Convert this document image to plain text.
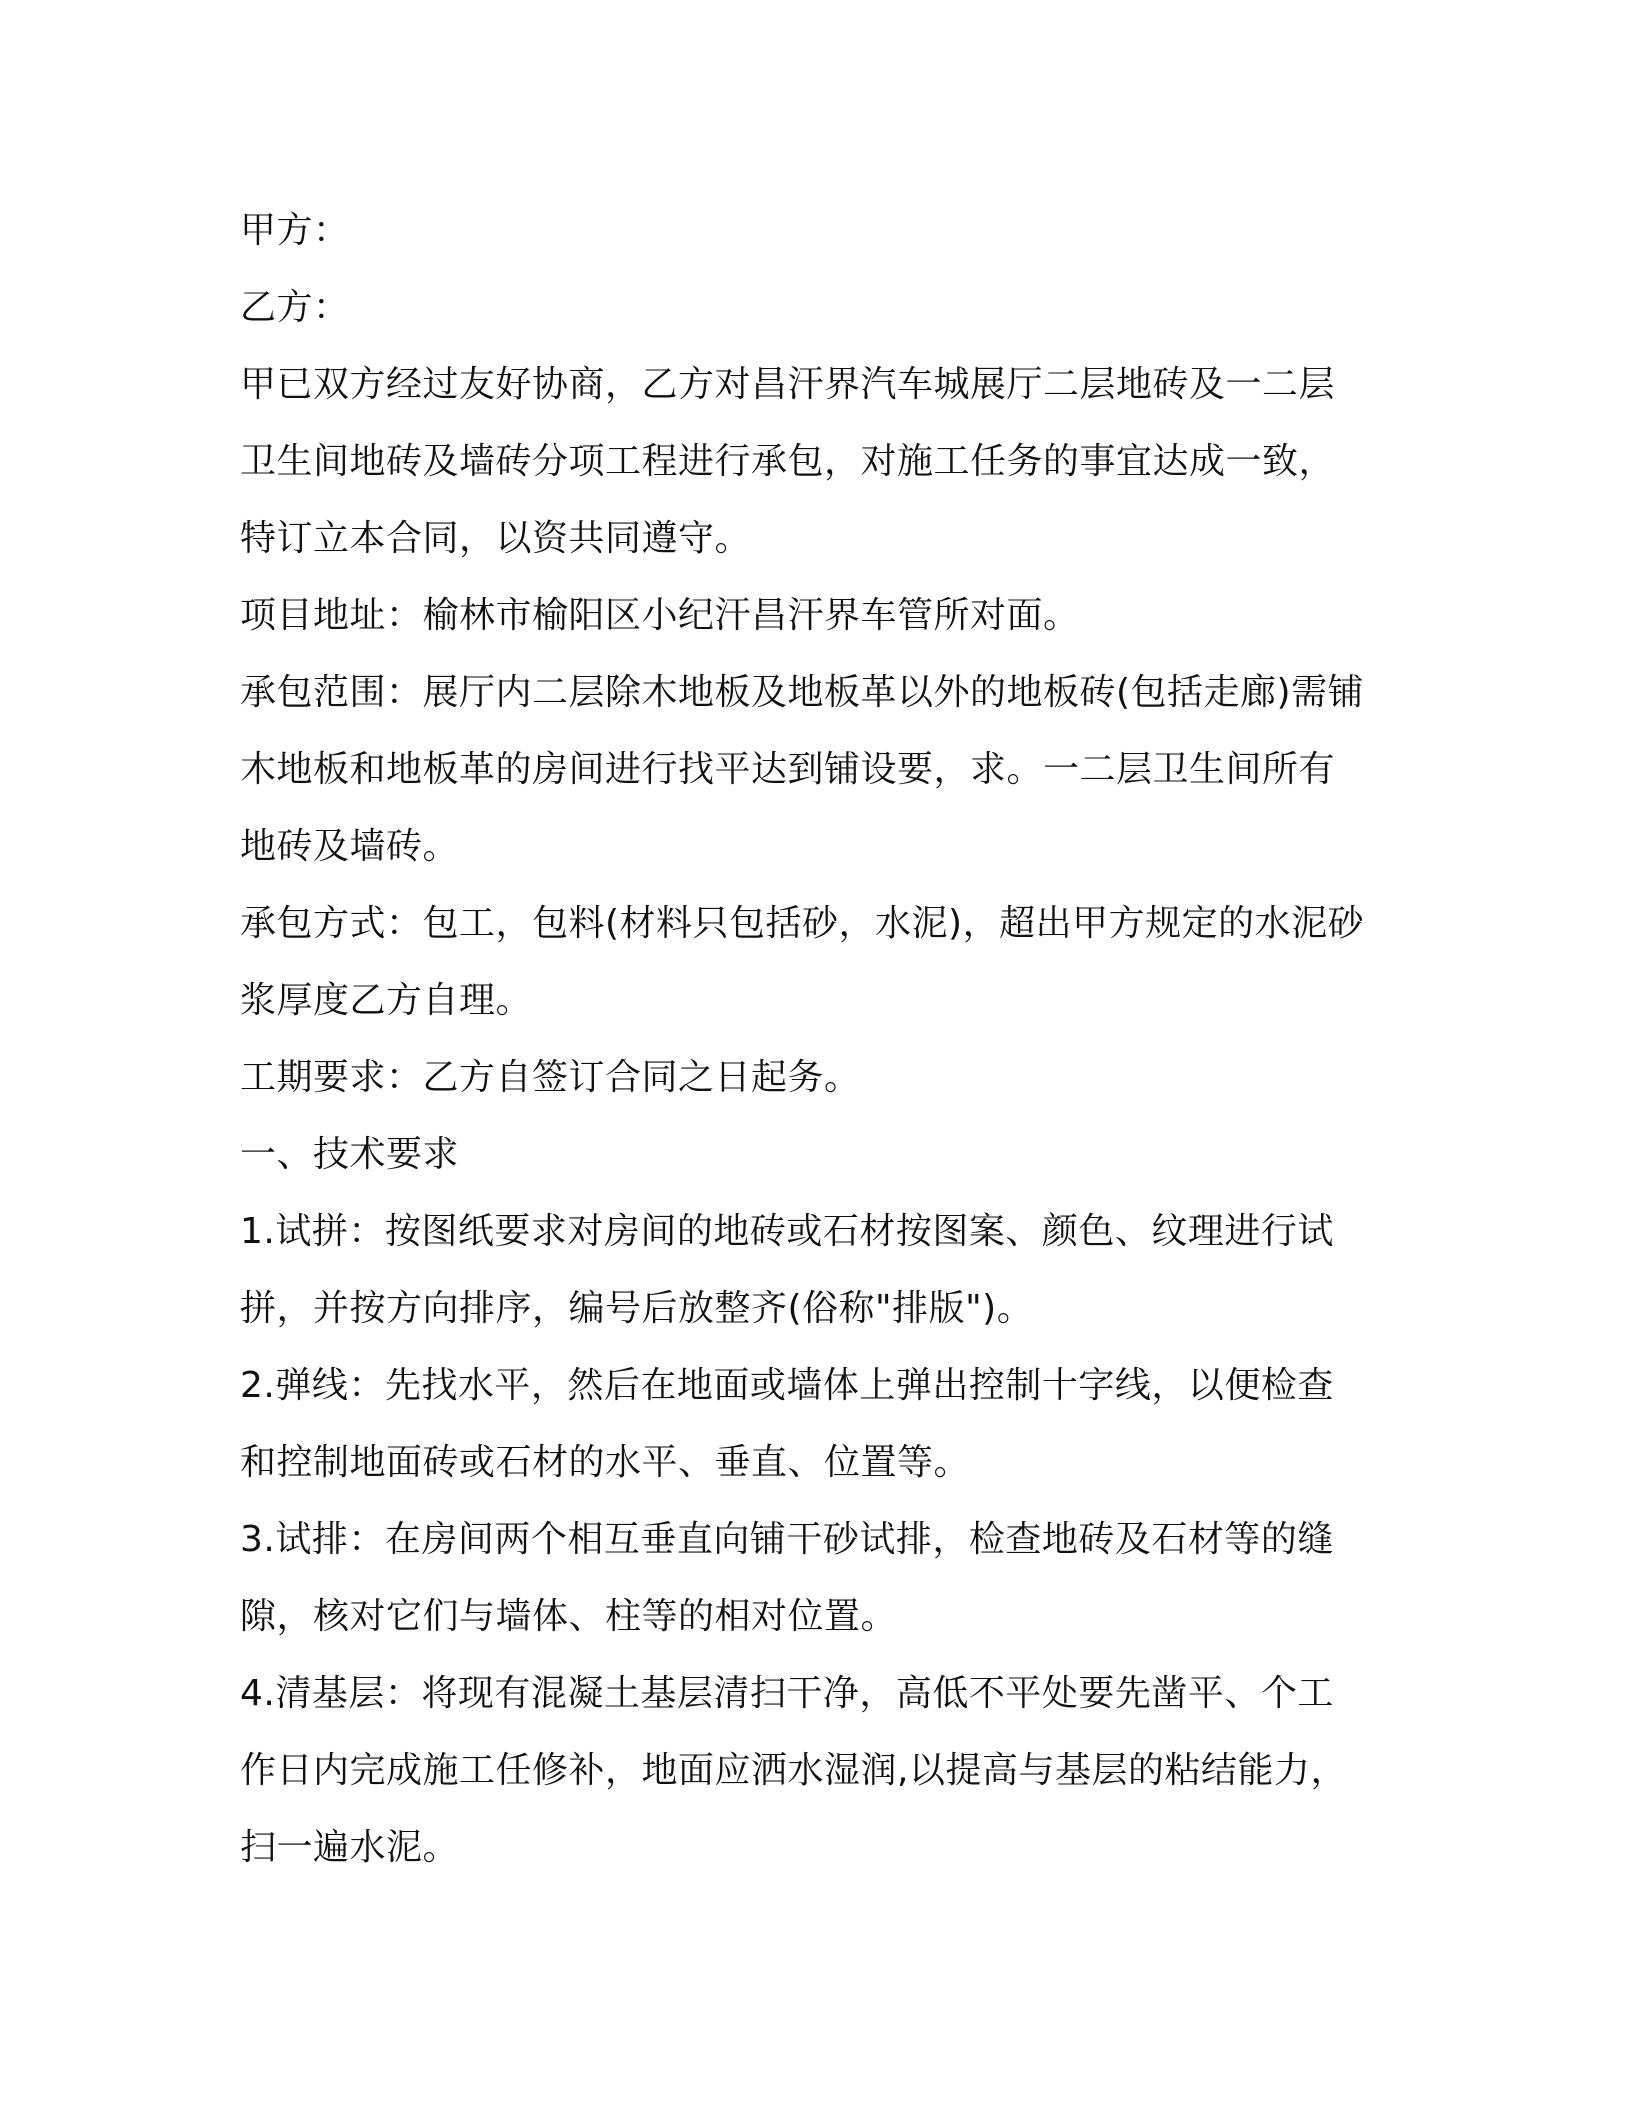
甲方：
乙方：
甲已双方经过友好协商，乙方对昌汗界汽车城展厅二层地砖及一二层
卫生间地砖及墙砖分项工程进行承包，对施工任务的事宜达成一致，
特订立本合同，以资共同遵守。
项目地址：榆林市榆阳区小纪汗昌汗界车管所对面。
承包范围：展厅内二层除木地板及地板革以外的地板砖(包括走廊)需铺
木地板和地板革的房间进行找平达到铺设要，求。一二层卫生间所有
地砖及墙砖。
承包方式：包工，包料(材料只包括砂，水泥)，超出甲方规定的水泥砂
浆厚度乙方自理。
工期要求：乙方自签订合同之日起务。
一、技术要求
1.试拼：按图纸要求对房间的地砖或石材按图案、颜色、纹理进行试
拼，并按方向排序，编号后放整齐(俗称"排版")。
2.弹线：先找水平，然后在地面或墙体上弹出控制十字线，以便检查
和控制地面砖或石材的水平、垂直、位置等。
3.试排：在房间两个相互垂直向铺干砂试排，检查地砖及石材等的缝
隙，核对它们与墙体、柱等的相对位置。
4.清基层：将现有混凝土基层清扫干净，高低不平处要先凿平、个工
作日内完成施工任修补，地面应洒水湿润,以提高与基层的粘结能力，
扫一遍水泥。
